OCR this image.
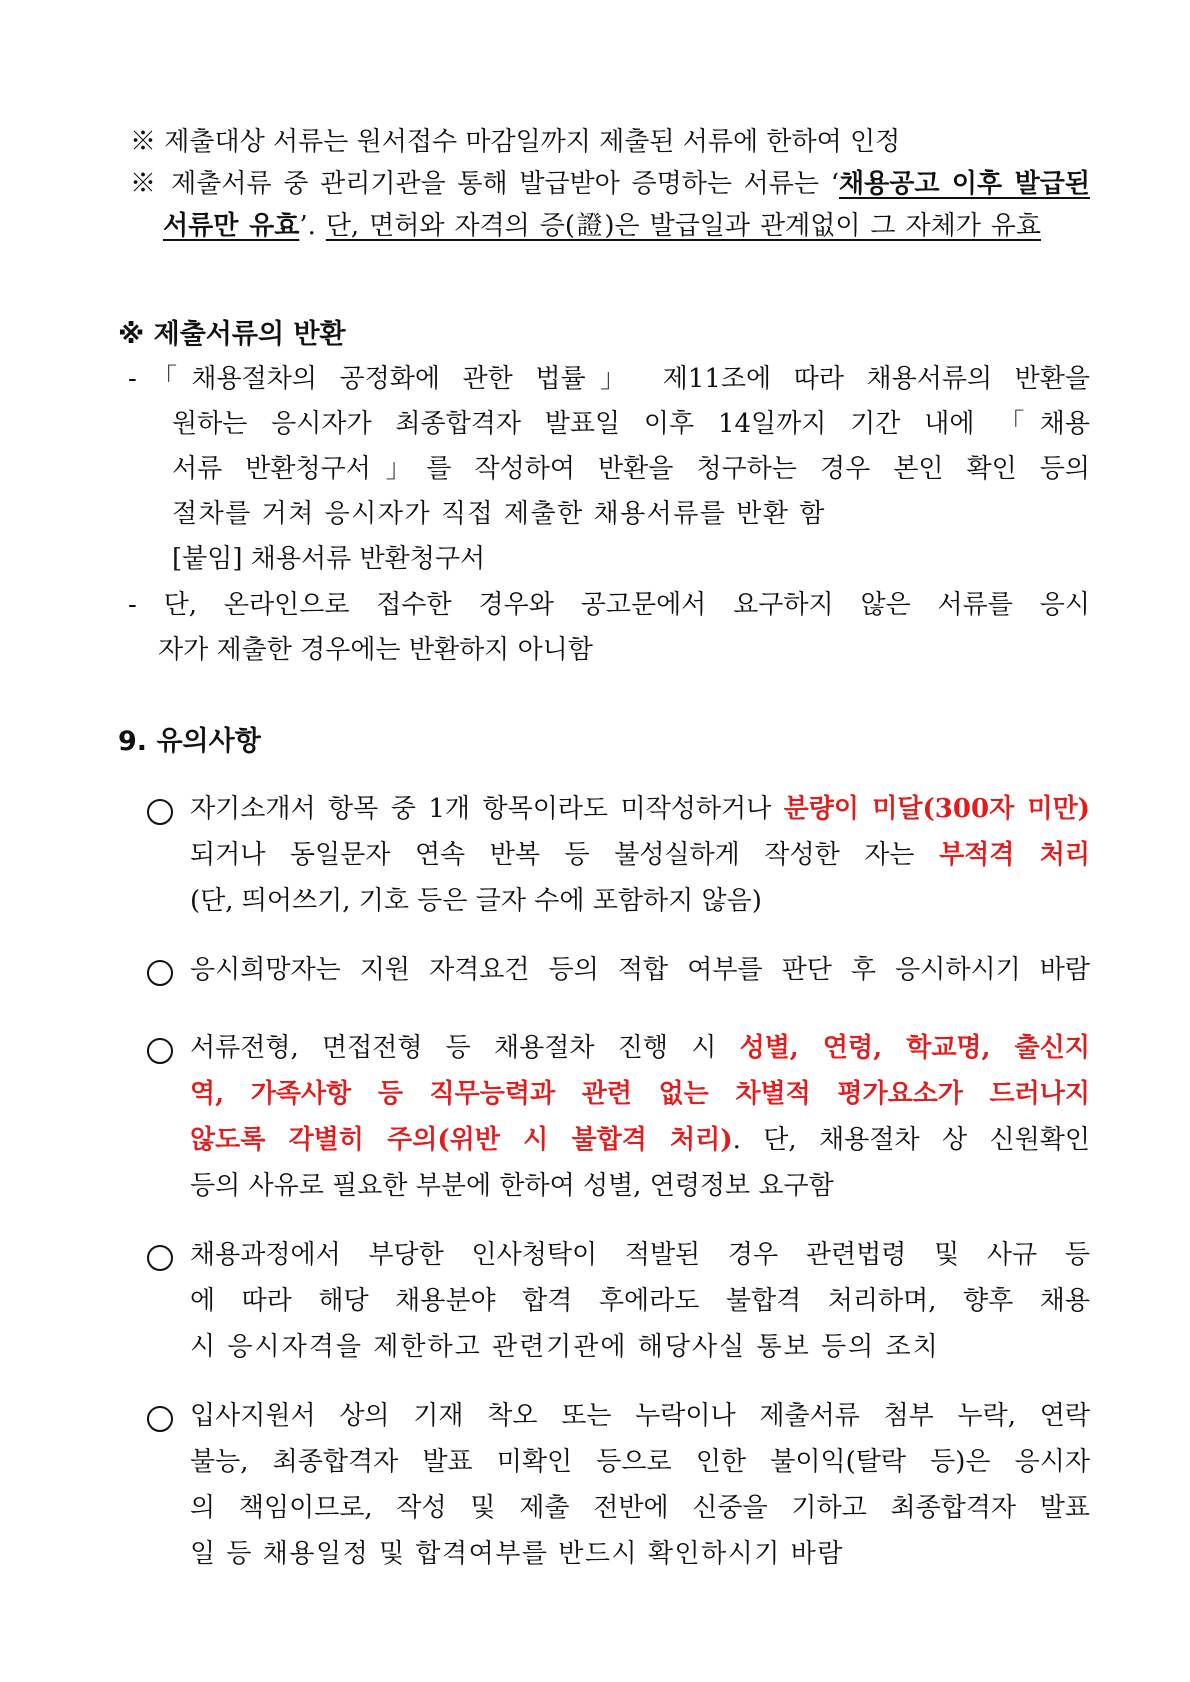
※ 제출대상 서류는 원서접수 마감일까지 제출된 서류에 한하여 인정
※ 제출서류 중 관리기관을 통해 발급받아 증명하는 서류는 ‘채용공고 이후 발급된
서류만 유효’. 단, 면허와 자격의 증(證)은 발급일과 관계없이 그 자체가 유효
※ 제출서류의 반환
-「채용절차의 공정화에 관한 법률」 제11조에 따라 채용서류의 반환을
원하는 응시자가 최종합격자 발표일 이후 14일까지 기간 내에 「채용
서류 반환청구서」를 작성하여 반환을 청구하는 경우 본인 확인 등의
절차를 거쳐 응시자가 직접 제출한 채용서류를 반환 함
[붙임] 채용서류 반환청구서
- 단, 온라인으로 접수한 경우와 공고문에서 요구하지 않은 서류를 응시
자가 제출한 경우에는 반환하지 아니함
9. 유의사항
자기소개서 항목 중 1개 항목이라도 미작성하거나 분량이 미달(300자 미만)
되거나 동일문자 연속 반복 등 불성실하게 작성한 자는 부적격 처리
(단, 띄어쓰기, 기호 등은 글자 수에 포함하지 않음)
응시희망자는 지원 자격요건 등의 적합 여부를 판단 후 응시하시기 바람
서류전형, 면접전형 등 채용절차 진행 시 성별, 연령, 학교명, 출신지
역, 가족사항 등 직무능력과 관련 없는 차별적 평가요소가 드러나지
않도록 각별히 주의(위반 시 불합격 처리). 단, 채용절차 상 신원확인
등의 사유로 필요한 부분에 한하여 성별, 연령정보 요구함
채용과정에서 부당한 인사청탁이 적발된 경우 관련법령 및 사규 등
에 따라 해당 채용분야 합격 후에라도 불합격 처리하며, 향후 채용
시 응시자격을 제한하고 관련기관에 해당사실 통보 등의 조치
입사지원서 상의 기재 착오 또는 누락이나 제출서류 첨부 누락, 연락
불능, 최종합격자 발표 미확인 등으로 인한 불이익(탈락 등)은 응시자
의 책임이므로, 작성 및 제출 전반에 신중을 기하고 최종합격자 발표
일 등 채용일정 및 합격여부를 반드시 확인하시기 바람
